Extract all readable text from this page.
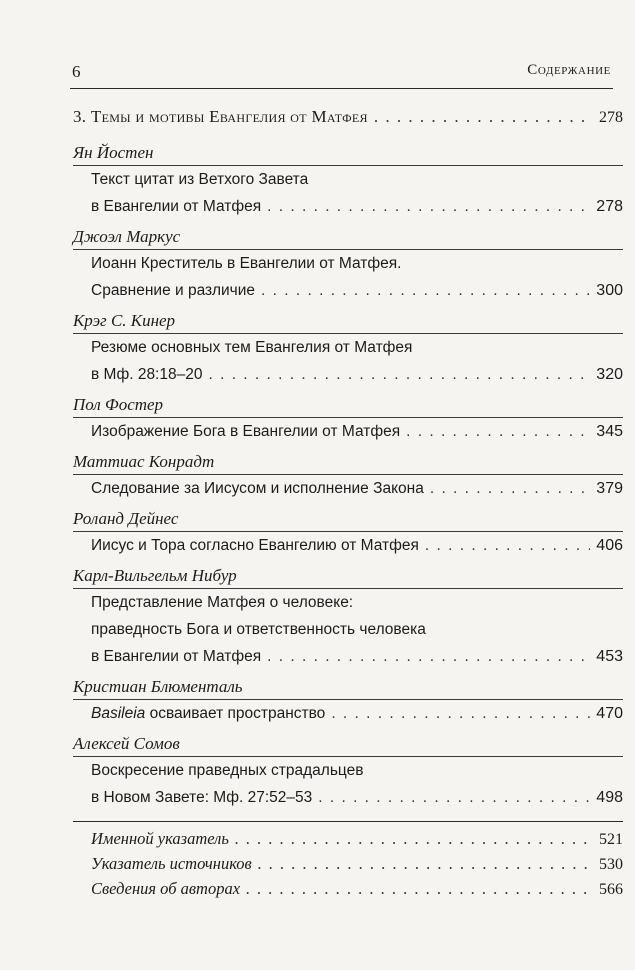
6	Содержание
3. Темы и мотивы Евангелия от Матфея . . .	278
Ян Йостен
Текст цитат из Ветхого Завета
в Евангелии от Матфея . . .	278
Джоэл Маркус
Иоанн Креститель в Евангелии от Матфея.
Сравнение и различие . . .	300
Крэг С. Кинер
Резюме основных тем Евангелия от Матфея
в Мф. 28:18–20 . . .	320
Пол Фостер
Изображение Бога в Евангелии от Матфея . . .	345
Маттиас Конрадт
Следование за Иисусом и исполнение Закона . . .	379
Роланд Дейнес
Иисус и Тора согласно Евангелию от Матфея . . .	406
Карл-Вильгельм Нибур
Представление Матфея о человеке:
праведность Бога и ответственность человека
в Евангелии от Матфея . . .	453
Кристиан Блюменталь
Basileia осваивает пространство . . .	470
Алексей Сомов
Воскресение праведных страдальцев
в Новом Завете: Мф. 27:52–53 . . .	498
Именной указатель . . .	521
Указатель источников . . .	530
Сведения об авторах . . .	566
